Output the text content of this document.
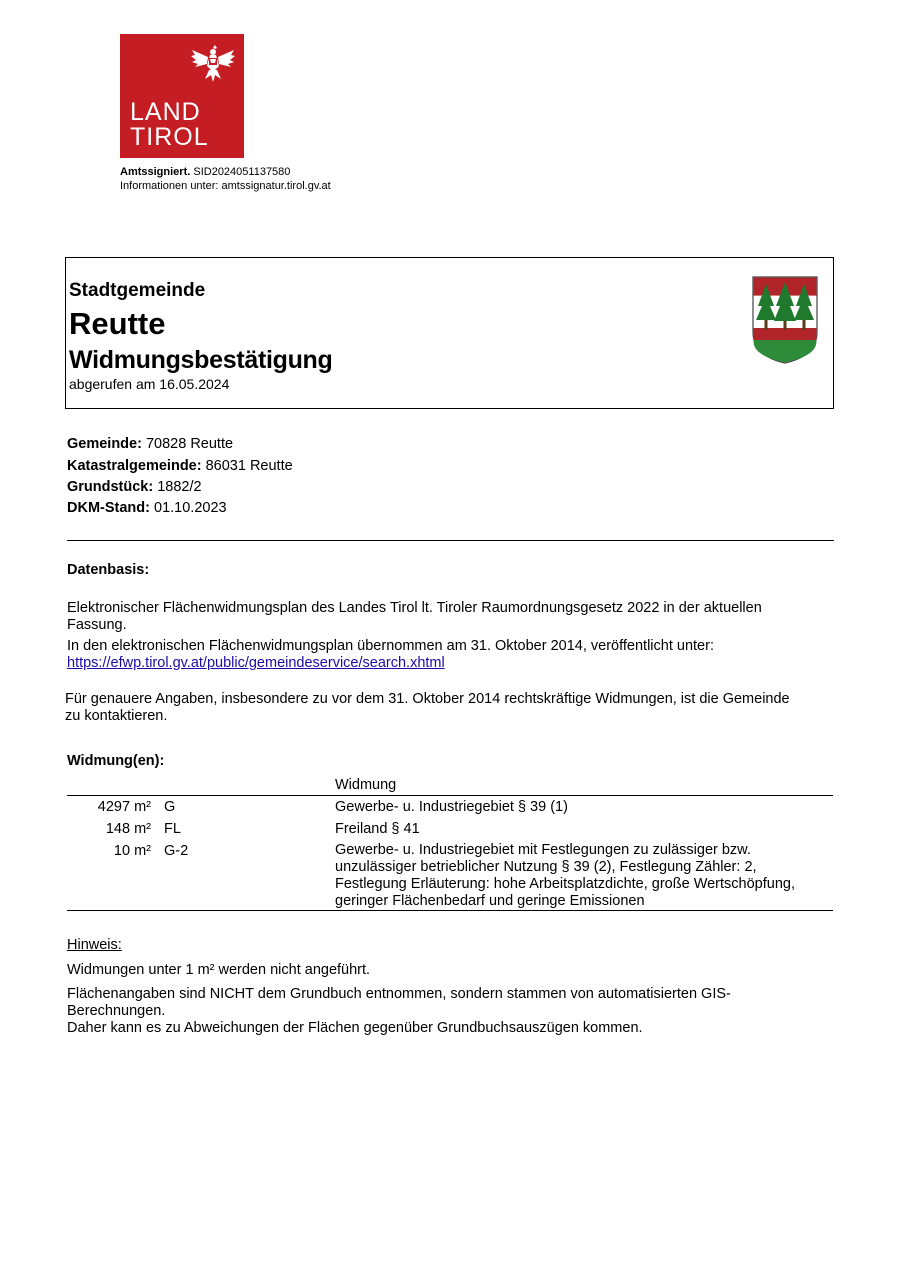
LAND
TIROL
Amtssigniert. SID2024051137580
Informationen unter: amtssignatur.tirol.gv.at
Stadtgemeinde
Reutte
Widmungsbestätigung
abgerufen am 16.05.2024
Gemeinde: 70828 Reutte
Katastralgemeinde: 86031 Reutte
Grundstück: 1882/2
DKM-Stand: 01.10.2023
Datenbasis:
Elektronischer Flächenwidmungsplan des Landes Tirol lt. Tiroler Raumordnungsgesetz 2022 in der aktuellen
Fassung.
In den elektronischen Flächenwidmungsplan übernommen am 31. Oktober 2014, veröffentlicht unter:
https://efwp.tirol.gv.at/public/gemeindeservice/search.xhtml
Für genauere Angaben, insbesondere zu vor dem 31. Oktober 2014 rechtskräftige Widmungen, ist die Gemeinde
zu kontaktieren.
Widmung(en):
Widmung
4297 m² G	Gewerbe- u. Industriegebiet § 39 (1)
148 m² FL	Freiland § 41
10 m² G-2	Gewerbe- u. Industriegebiet mit Festlegungen zu zulässiger bzw.
unzulässiger betrieblicher Nutzung § 39 (2), Festlegung Zähler: 2,
Festlegung Erläuterung: hohe Arbeitsplatzdichte, große Wertschöpfung,
geringer Flächenbedarf und geringe Emissionen
Hinweis:
Widmungen unter 1 m² werden nicht angeführt.
Flächenangaben sind NICHT dem Grundbuch entnommen, sondern stammen von automatisierten GIS-
Berechnungen.
Daher kann es zu Abweichungen der Flächen gegenüber Grundbuchsauszügen kommen.
